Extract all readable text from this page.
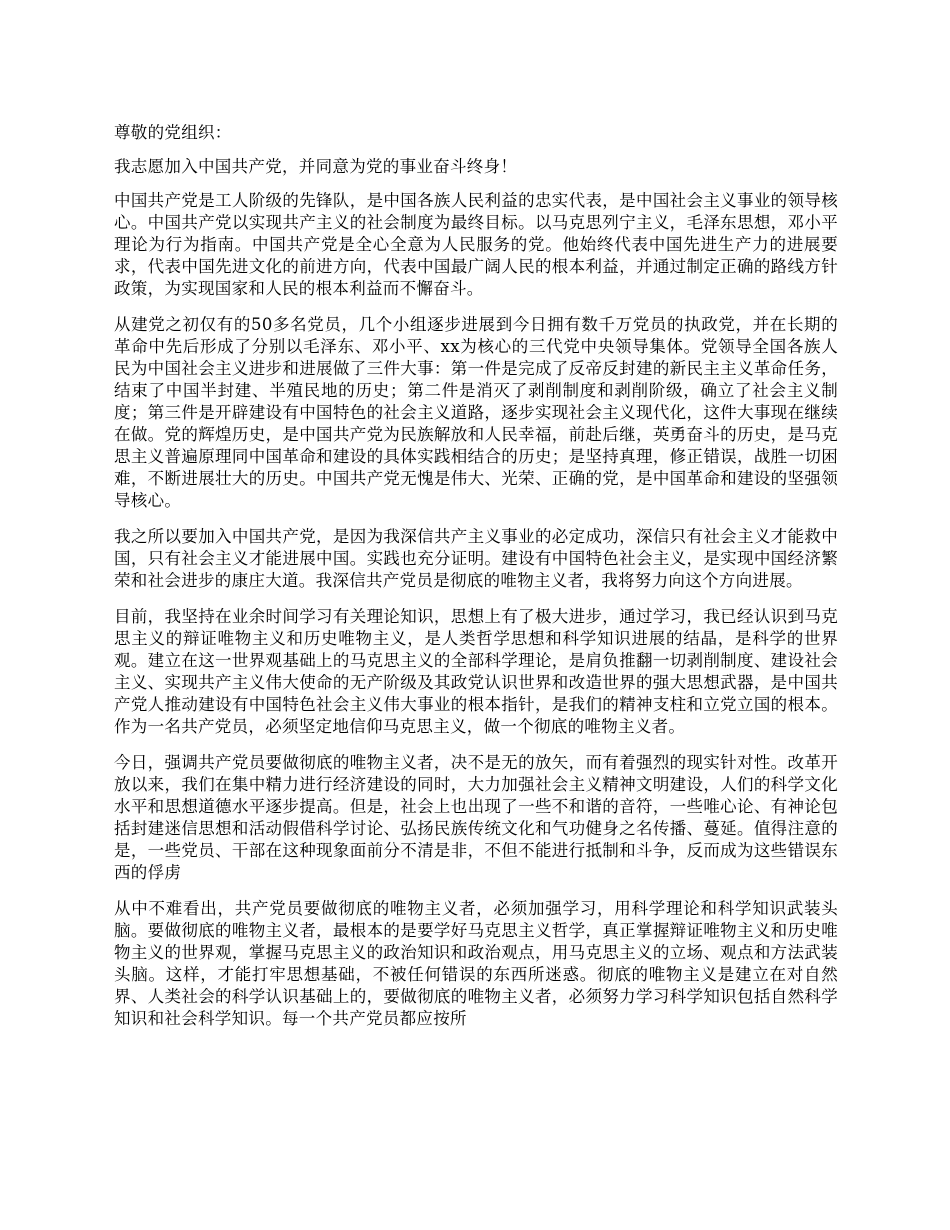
尊敬的党组织：

我志愿加入中国共产党，并同意为党的事业奋斗终身！

中国共产党是工人阶级的先锋队，是中国各族人民利益的忠实代表，是中国社会主义事业的领导核心。中国共产党以实现共产主义的社会制度为最终目标。以马克思列宁主义，毛泽东思想，邓小平理论为行为指南。中国共产党是全心全意为人民服务的党。他始终代表中国先进生产力的进展要求，代表中国先进文化的前进方向，代表中国最广阔人民的根本利益，并通过制定正确的路线方针政策，为实现国家和人民的根本利益而不懈奋斗。

从建党之初仅有的50多名党员，几个小组逐步进展到今日拥有数千万党员的执政党，并在长期的革命中先后形成了分别以毛泽东、邓小平、xx为核心的三代党中央领导集体。党领导全国各族人民为中国社会主义进步和进展做了三件大事：第一件是完成了反帝反封建的新民主主义革命任务，结束了中国半封建、半殖民地的历史；第二件是消灭了剥削制度和剥削阶级，确立了社会主义制度；第三件是开辟建设有中国特色的社会主义道路，逐步实现社会主义现代化，这件大事现在继续在做。党的辉煌历史，是中国共产党为民族解放和人民幸福，前赴后继，英勇奋斗的历史，是马克思主义普遍原理同中国革命和建设的具体实践相结合的历史；是坚持真理，修正错误，战胜一切困难，不断进展壮大的历史。中国共产党无愧是伟大、光荣、正确的党，是中国革命和建设的坚强领导核心。

我之所以要加入中国共产党，是因为我深信共产主义事业的必定成功，深信只有社会主义才能救中国，只有社会主义才能进展中国。实践也充分证明。建设有中国特色社会主义，是实现中国经济繁荣和社会进步的康庄大道。我深信共产党员是彻底的唯物主义者，我将努力向这个方向进展。

目前，我坚持在业余时间学习有关理论知识，思想上有了极大进步，通过学习，我已经认识到马克思主义的辩证唯物主义和历史唯物主义，是人类哲学思想和科学知识进展的结晶，是科学的世界观。建立在这一世界观基础上的马克思主义的全部科学理论，是肩负推翻一切剥削制度、建设社会主义、实现共产主义伟大使命的无产阶级及其政党认识世界和改造世界的强大思想武器，是中国共产党人推动建设有中国特色社会主义伟大事业的根本指针，是我们的精神支柱和立党立国的根本。作为一名共产党员，必须坚定地信仰马克思主义，做一个彻底的唯物主义者。

今日，强调共产党员要做彻底的唯物主义者，决不是无的放矢，而有着强烈的现实针对性。改革开放以来，我们在集中精力进行经济建设的同时，大力加强社会主义精神文明建设，人们的科学文化水平和思想道德水平逐步提高。但是，社会上也出现了一些不和谐的音符，一些唯心论、有神论包括封建迷信思想和活动假借科学讨论、弘扬民族传统文化和气功健身之名传播、蔓延。值得注意的是，一些党员、干部在这种现象面前分不清是非，不但不能进行抵制和斗争，反而成为这些错误东西的俘虏

从中不难看出，共产党员要做彻底的唯物主义者，必须加强学习，用科学理论和科学知识武装头脑。要做彻底的唯物主义者，最根本的是要学好马克思主义哲学，真正掌握辩证唯物主义和历史唯物主义的世界观，掌握马克思主义的政治知识和政治观点，用马克思主义的立场、观点和方法武装头脑。这样，才能打牢思想基础，不被任何错误的东西所迷惑。彻底的唯物主义是建立在对自然界、人类社会的科学认识基础上的，要做彻底的唯物主义者，必须努力学习科学知识包括自然科学知识和社会科学知识。每一个共产党员都应按所
